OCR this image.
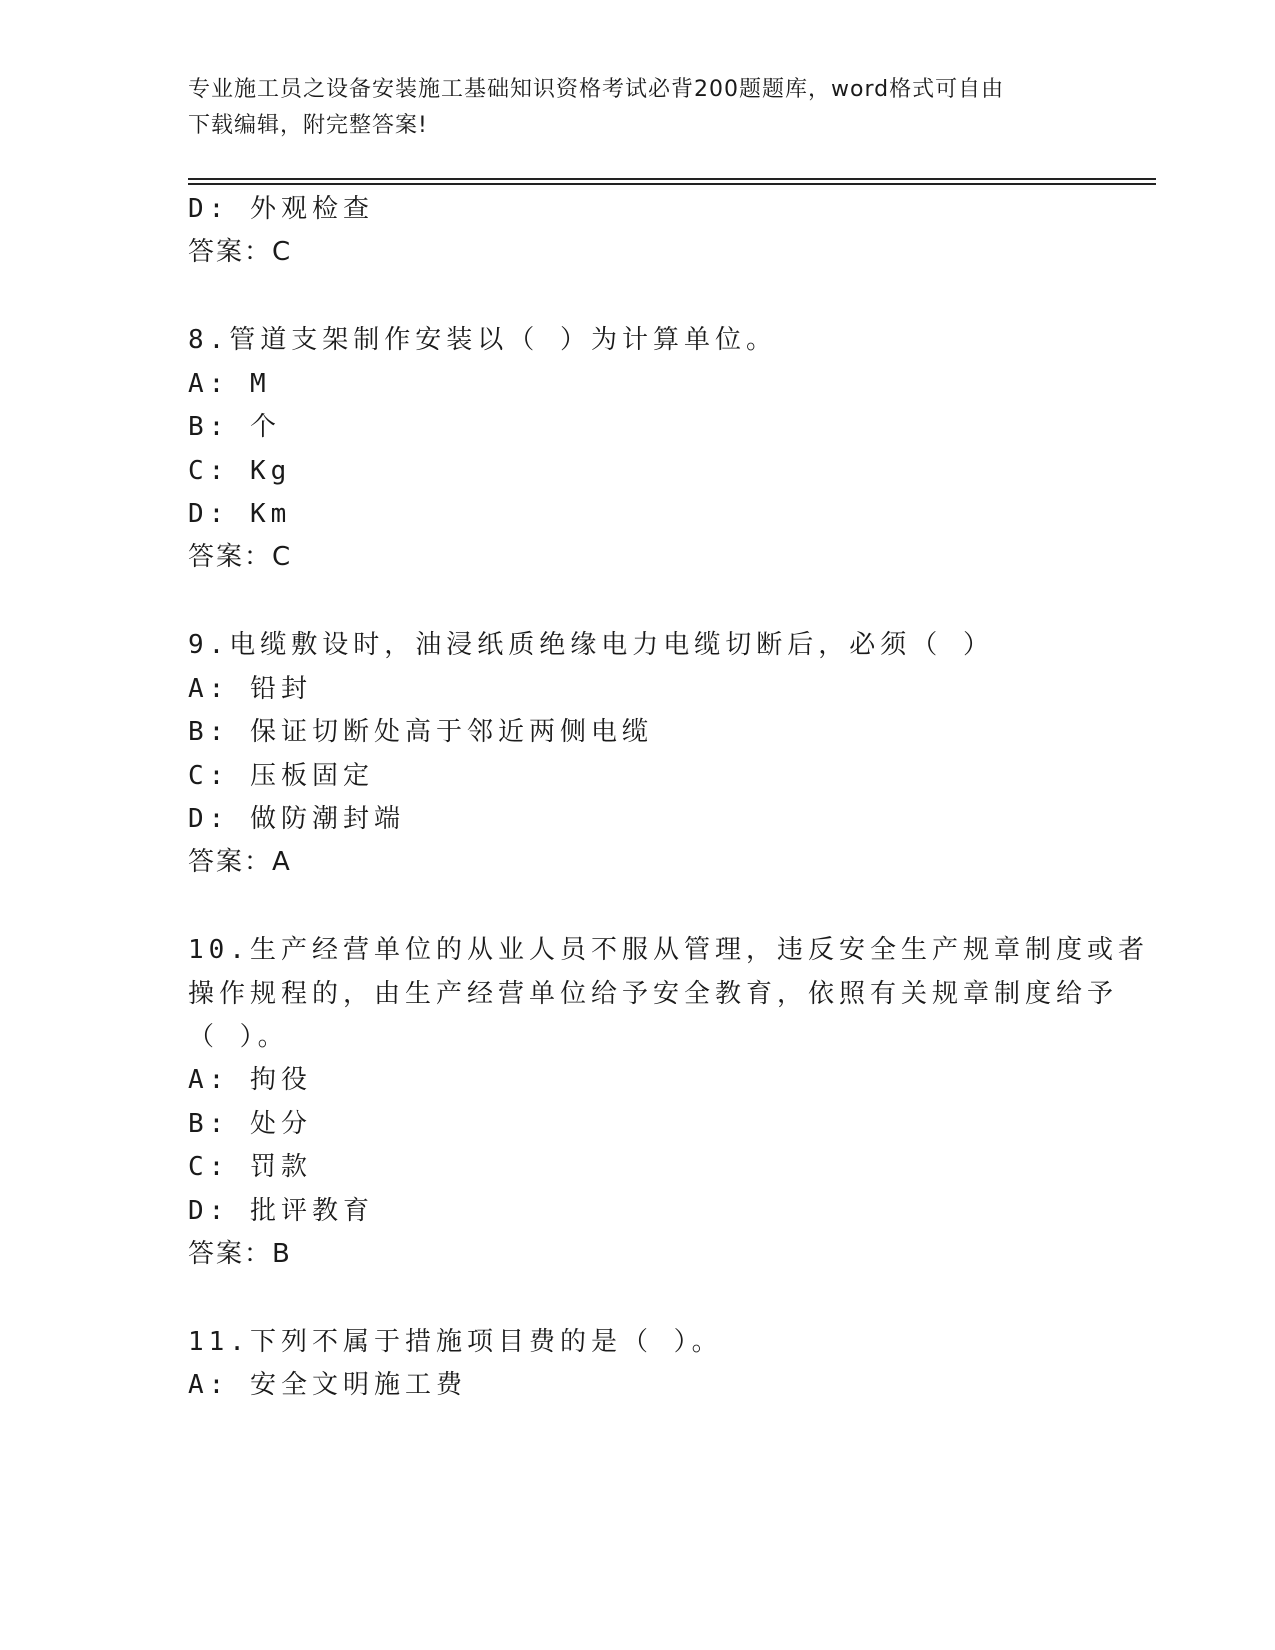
专业施工员之设备安装施工基础知识资格考试必背200题题库，word格式可自由
下载编辑，附完整答案!
D: 外观检查
答案：C
8.管道支架制作安装以（ ）为计算单位。
A: M
B: 个
C: Kg
D: Km
答案：C
9.电缆敷设时，油浸纸质绝缘电力电缆切断后，必须（ ）
A: 铅封
B: 保证切断处高于邻近两侧电缆
C: 压板固定
D: 做防潮封端
答案：A
10.生产经营单位的从业人员不服从管理，违反安全生产规章制度或者
操作规程的，由生产经营单位给予安全教育，依照有关规章制度给予
（ ）。
A: 拘役
B: 处分
C: 罚款
D: 批评教育
答案：B
11.下列不属于措施项目费的是（ ）。
A: 安全文明施工费
